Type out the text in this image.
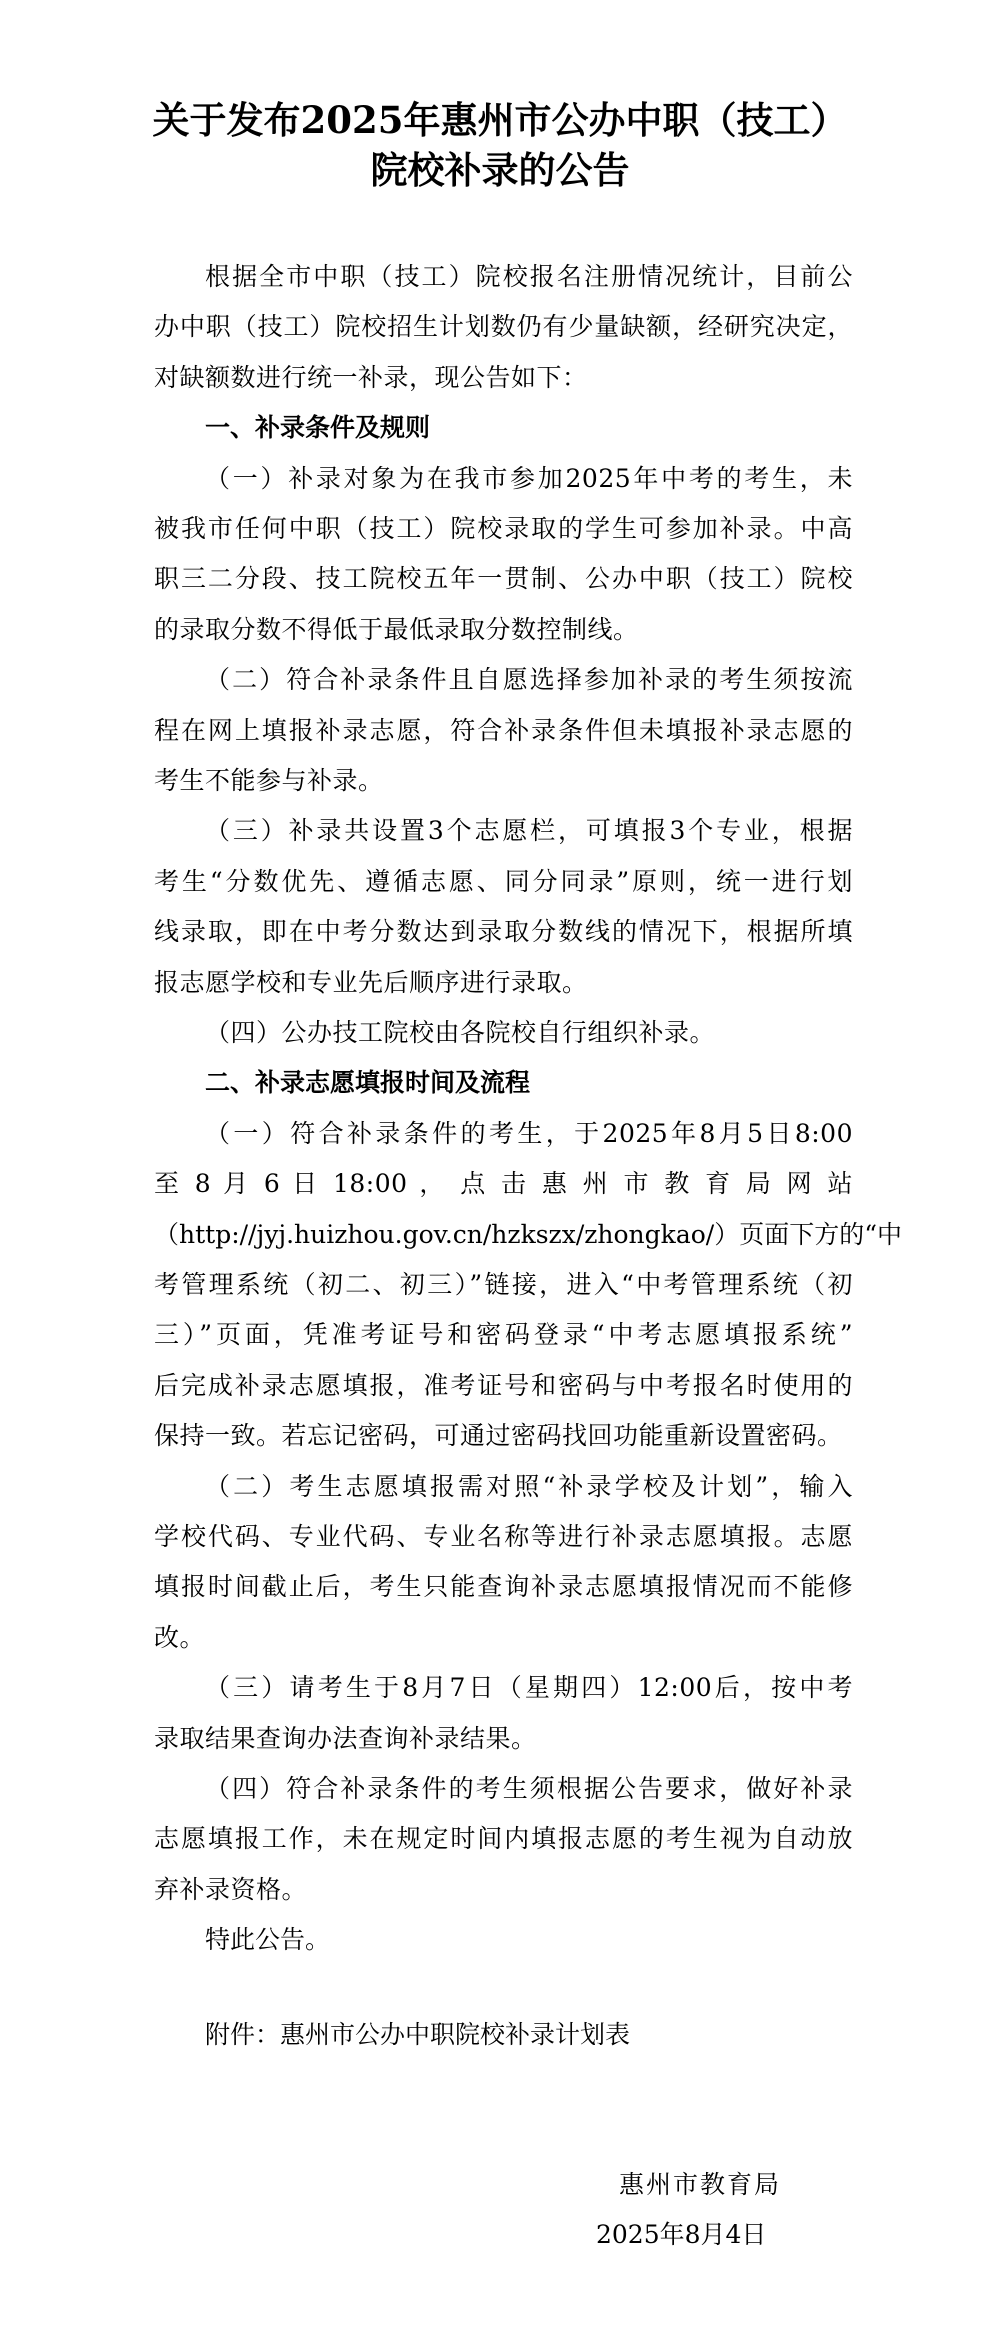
关于发布2025年惠州市公办中职（技工）
院校补录的公告
根据全市中职（技工）院校报名注册情况统计，目前公
办中职（技工）院校招生计划数仍有少量缺额，经研究决定，
对缺额数进行统一补录，现公告如下：
一、补录条件及规则
（一）补录对象为在我市参加2025年中考的考生，未
被我市任何中职（技工）院校录取的学生可参加补录。中高
职三二分段、技工院校五年一贯制、公办中职（技工）院校
的录取分数不得低于最低录取分数控制线。
（二）符合补录条件且自愿选择参加补录的考生须按流
程在网上填报补录志愿，符合补录条件但未填报补录志愿的
考生不能参与补录。
（三）补录共设置3个志愿栏，可填报3个专业，根据
考生“分数优先、遵循志愿、同分同录”原则，统一进行划
线录取，即在中考分数达到录取分数线的情况下，根据所填
报志愿学校和专业先后顺序进行录取。
（四）公办技工院校由各院校自行组织补录。
二、补录志愿填报时间及流程
（一）符合补录条件的考生，于2025年8月5日8:00
至 8 月 6 日 18:00 ， 点 击 惠 州 市 教 育 局 网 站
（http://jyj.huizhou.gov.cn/hzkszx/zhongkao/）页面下方的“中
考管理系统（初二、初三）”链接，进入“中考管理系统（初
三）”页面，凭准考证号和密码登录“中考志愿填报系统”
后完成补录志愿填报，准考证号和密码与中考报名时使用的
保持一致。若忘记密码，可通过密码找回功能重新设置密码。
（二）考生志愿填报需对照“补录学校及计划”，输入
学校代码、专业代码、专业名称等进行补录志愿填报。志愿
填报时间截止后，考生只能查询补录志愿填报情况而不能修
改。
（三）请考生于8月7日（星期四）12:00后，按中考
录取结果查询办法查询补录结果。
（四）符合补录条件的考生须根据公告要求，做好补录
志愿填报工作，未在规定时间内填报志愿的考生视为自动放
弃补录资格。
特此公告。
附件：惠州市公办中职院校补录计划表
惠州市教育局
2025年8月4日
